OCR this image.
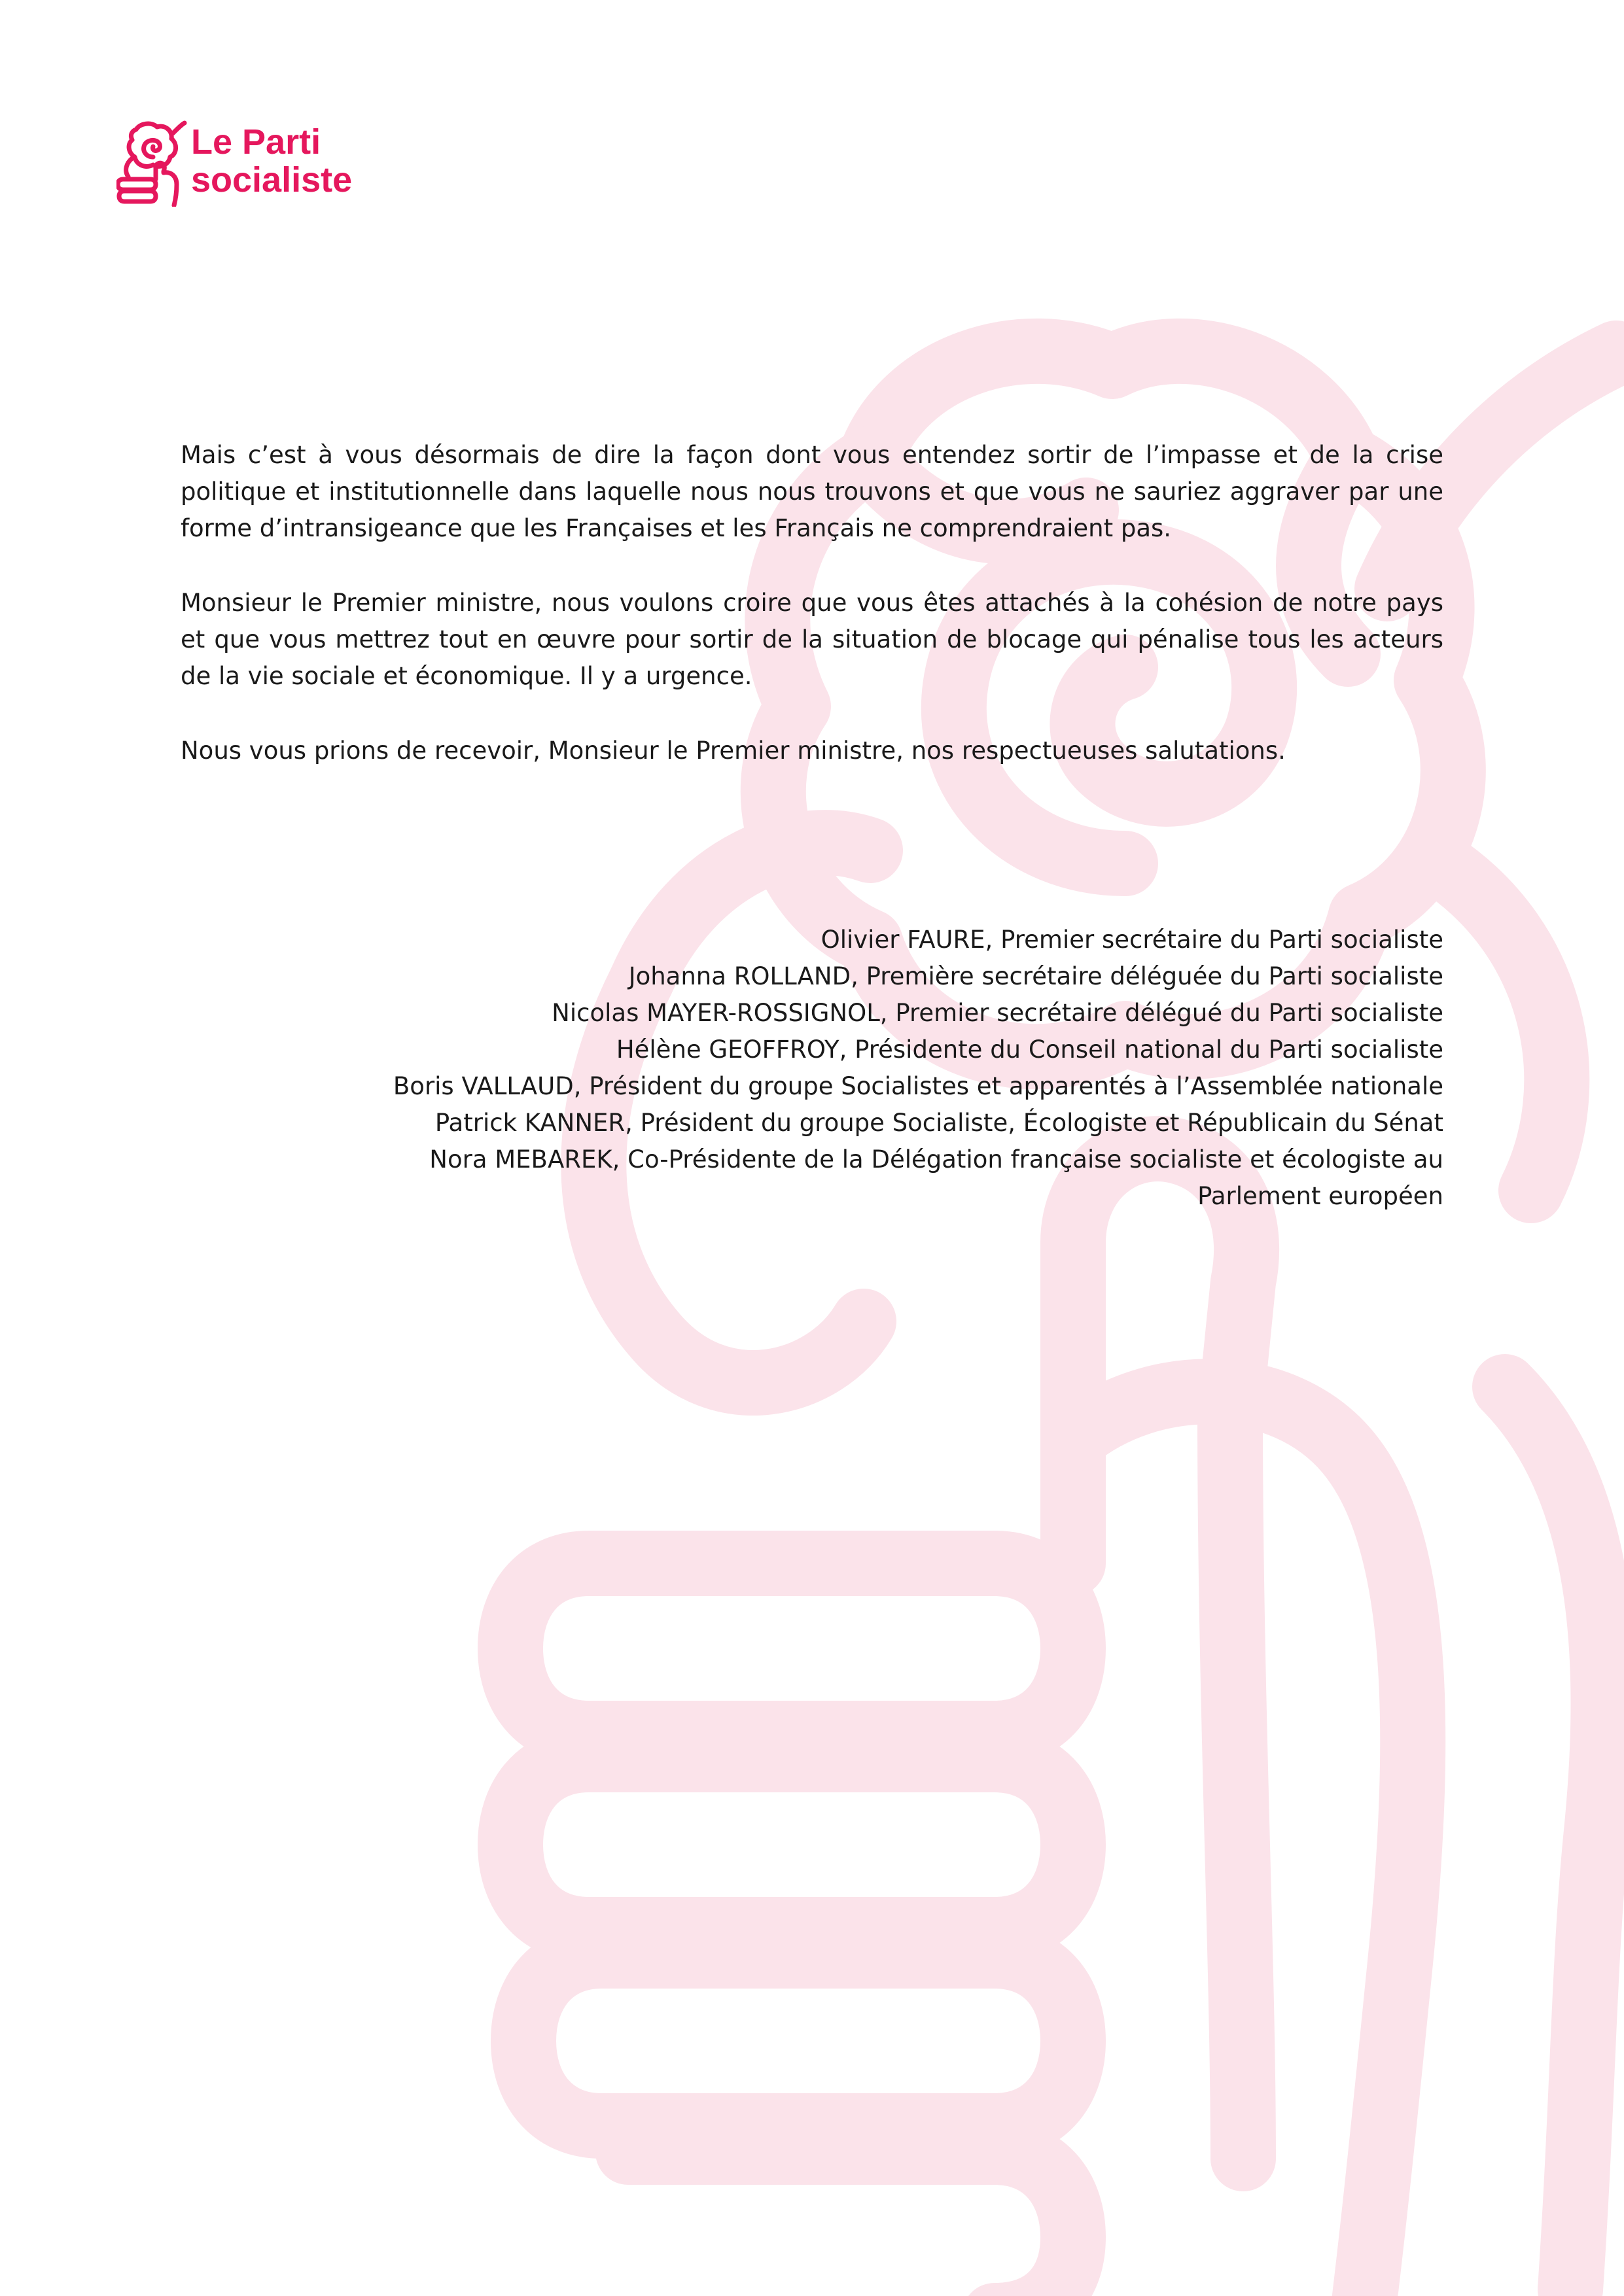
Le Parti
socialiste

Mais c’est à vous désormais de dire la façon dont vous entendez sortir de l’impasse et de la crise politique et institutionnelle dans laquelle nous nous trouvons et que vous ne sauriez aggraver par une forme d’intransigeance que les Françaises et les Français ne comprendraient pas.

Monsieur le Premier ministre, nous voulons croire que vous êtes attachés à la cohésion de notre pays et que vous mettrez tout en œuvre pour sortir de la situation de blocage qui pénalise tous les acteurs de la vie sociale et économique. Il y a urgence.

Nous vous prions de recevoir, Monsieur le Premier ministre, nos respectueuses salutations.

Olivier FAURE, Premier secrétaire du Parti socialiste
Johanna ROLLAND, Première secrétaire déléguée du Parti socialiste
Nicolas MAYER-ROSSIGNOL, Premier secrétaire délégué du Parti socialiste
Hélène GEOFFROY, Présidente du Conseil national du Parti socialiste
Boris VALLAUD, Président du groupe Socialistes et apparentés à l’Assemblée nationale
Patrick KANNER, Président du groupe Socialiste, Écologiste et Républicain du Sénat
Nora MEBAREK, Co-Présidente de la Délégation française socialiste et écologiste au
Parlement européen
